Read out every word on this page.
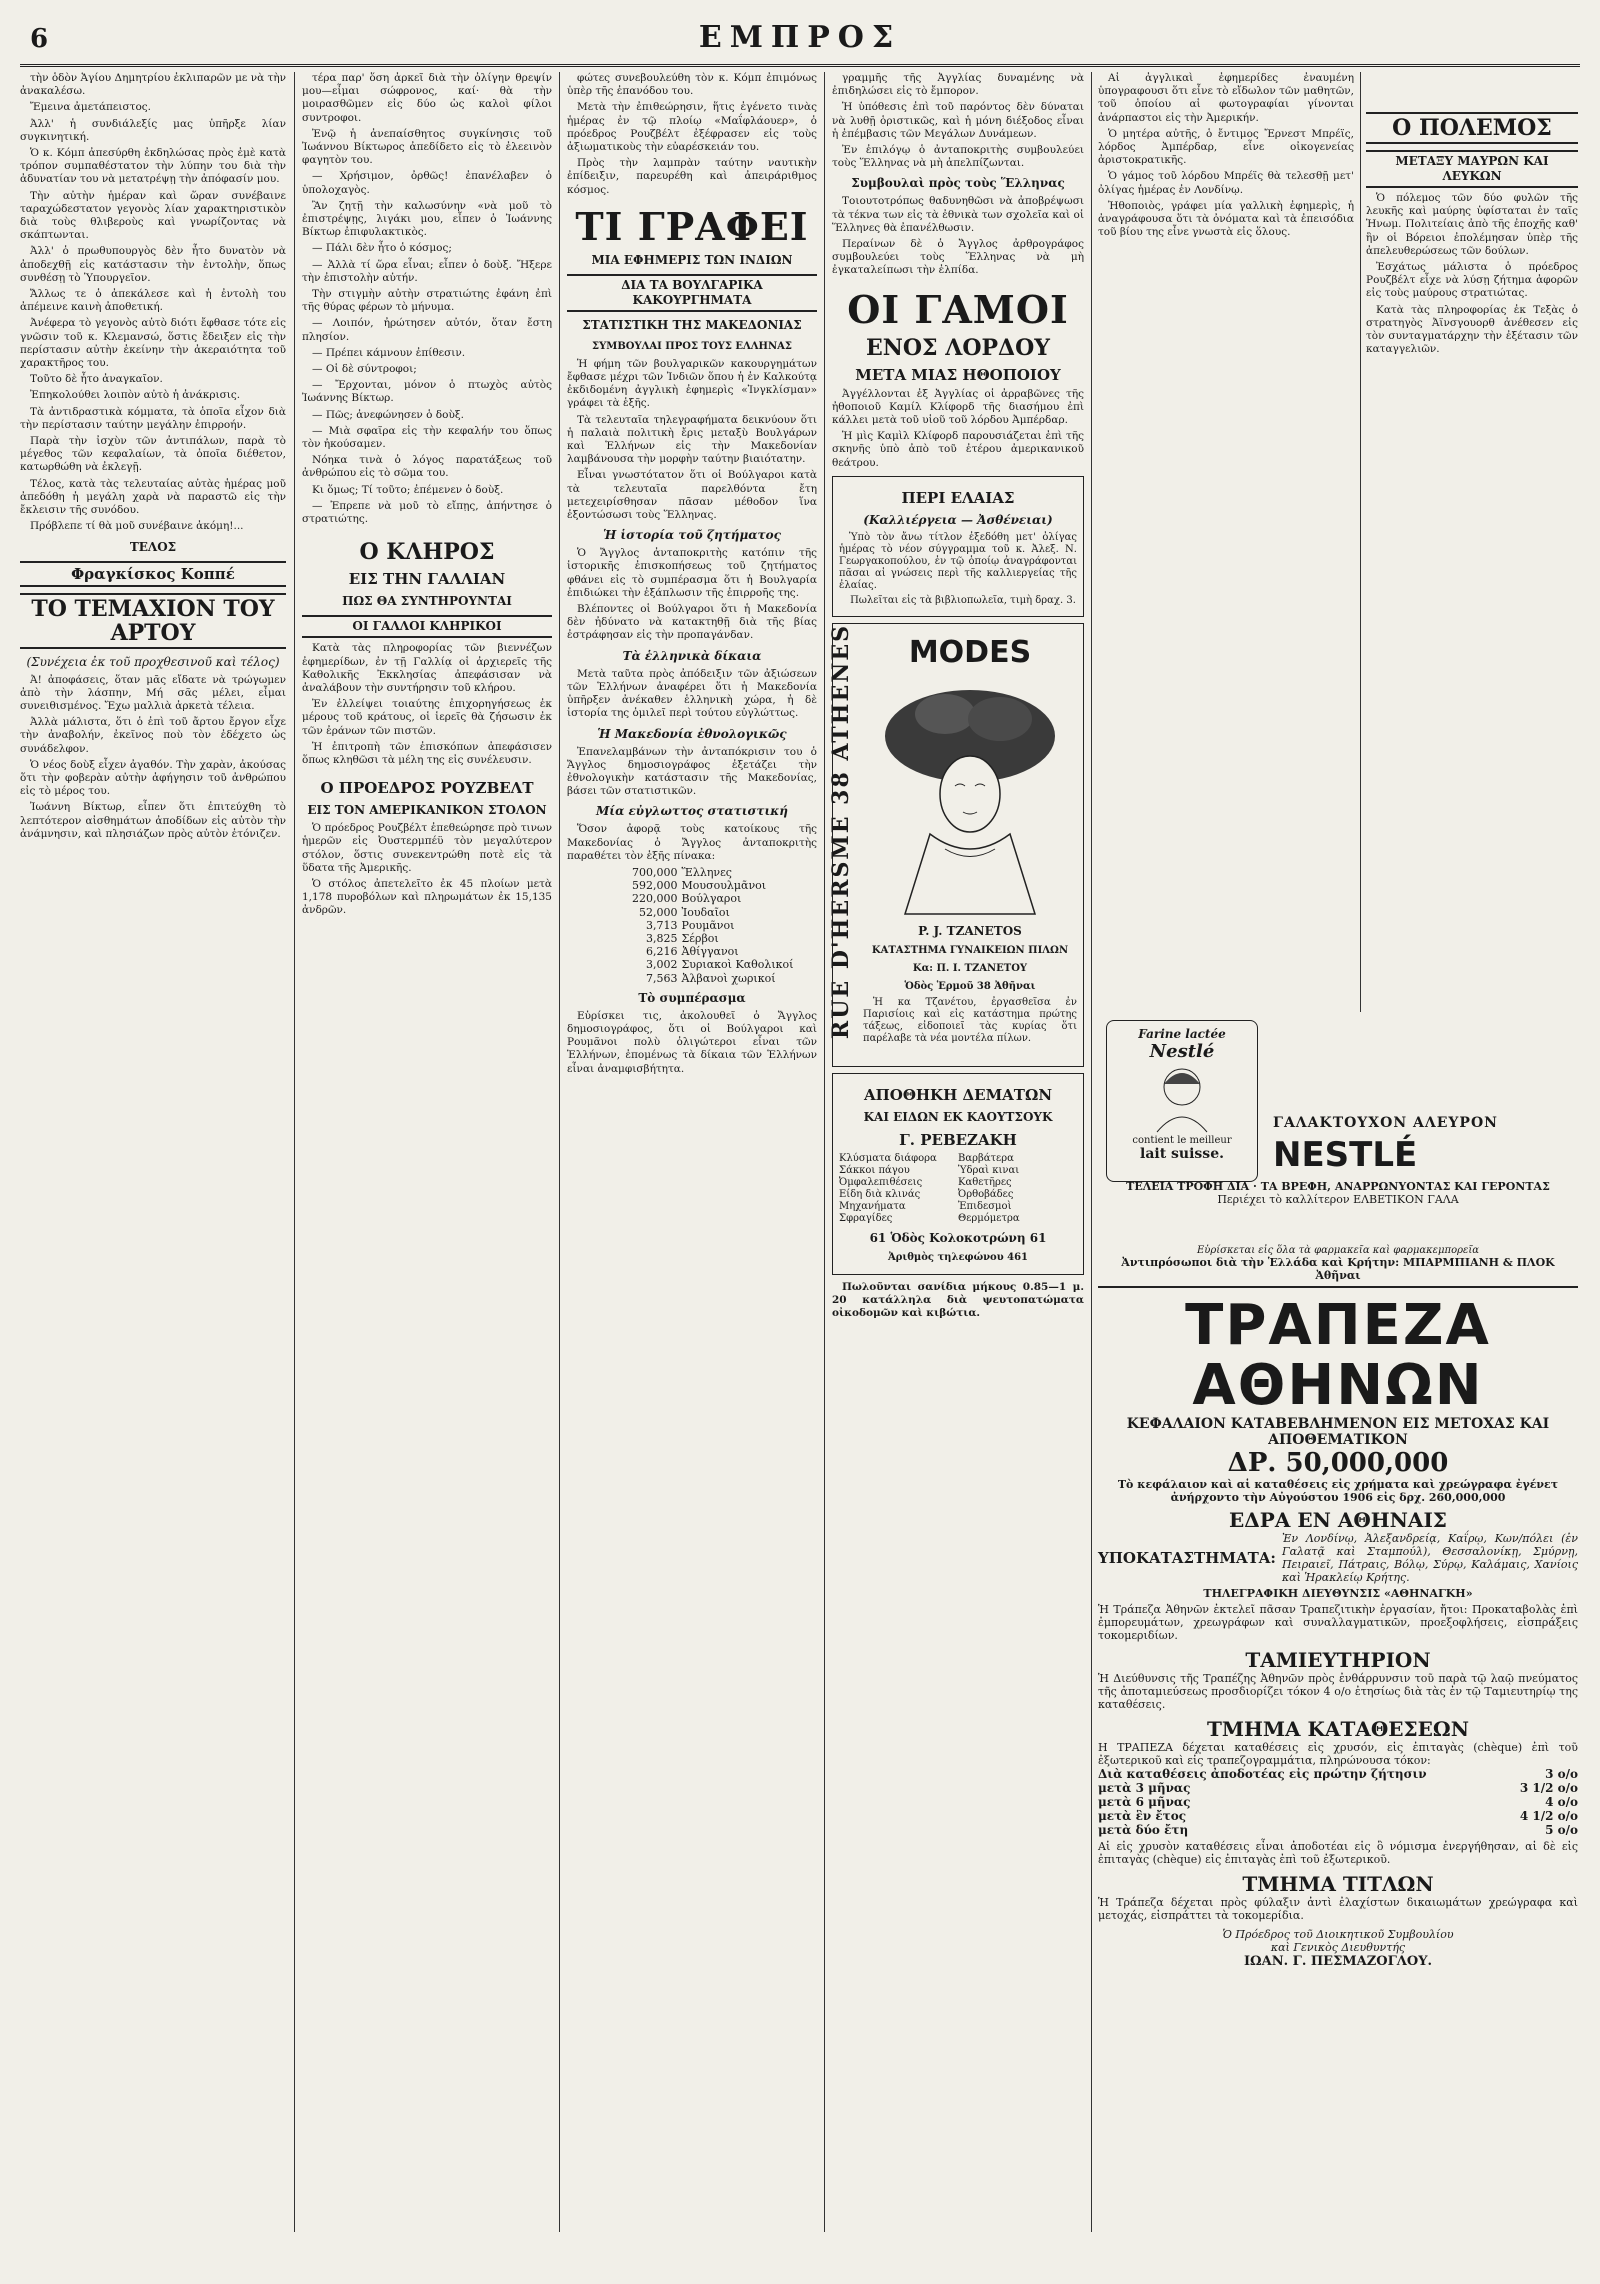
6	ΕΜΠΡΟΣ

τὴν ὁδὸν Ἁγίου Δημητρίου ἐκλιπαρῶν με νὰ τὴν ἀνακαλέσω.

Ἔμεινα ἀμετάπειστος.

Ἀλλ' ἡ συνδιάλεξίς μας ὑπῆρξε λίαν συγκινητική.

Ὁ κ. Κόμπ ἀπεσύρθη ἐκδηλώσας πρὸς ἐμὲ κατὰ τρόπον συμπαθέστατον τὴν λύπην του διὰ τὴν ἀδυνατίαν του νὰ μετατρέψῃ τὴν ἀπόφασίν μου.

Τὴν αὐτὴν ἡμέραν καὶ ὥραν συνέβαινε ταραχώδεστατον γεγονὸς λίαν χαρακτηριστικὸν διὰ τοὺς θλιβεροὺς καὶ γνωρίζοντας νὰ σκάπτωνται.

Ἀλλ' ὁ πρωθυπουργὸς δὲν ἦτο δυνατὸν νὰ ἀποδεχθῇ εἰς κατάστασιν τὴν ἐντολὴν, ὅπως συνθέσῃ τὸ Ὑπουργεῖον.

Ἄλλως τε ὁ ἀπεκάλεσε καὶ ἡ ἐντολὴ του ἀπέμεινε καινὴ ἀποθετική.

Ἀνέφερα τὸ γεγονὸς αὐτὸ διότι ἔφθασε τότε εἰς γνῶσιν τοῦ κ. Κλεμανσώ, ὅστις ἔδειξεν εἰς τὴν περίστασιν αὐτὴν ἐκείνην τὴν ἀκεραιότητα τοῦ χαρακτῆρος του.

Τοῦτο δὲ ἦτο ἀναγκαῖον.

Ἐπηκολούθει λοιπὸν αὐτὸ ἡ ἀνάκρισις.

Τὰ ἀντιδραστικὰ κόμματα, τὰ ὁποῖα εἶχον διὰ τὴν περίστασιν ταύτην μεγάλην ἐπιρροήν.

Παρὰ τὴν ἰσχὺν τῶν ἀντιπάλων, παρὰ τὸ μέγεθος τῶν κεφαλαίων, τὰ ὁποῖα διέθετον, κατωρθώθη νὰ ἐκλεγῇ.

Τέλος, κατὰ τὰς τελευταίας αὐτὰς ἡμέρας μοῦ ἀπεδόθη ἡ μεγάλη χαρὰ νὰ παραστῶ εἰς τὴν ἔκλεισιν τῆς συνόδου.

Πρόβλεπε τί θὰ μοῦ συνέβαινε ἀκόμη!...

ΤΕΛΟΣ
Φραγκίσκος Κοππέ
ΤΟ ΤΕΜΑΧΙΟΝ ΤΟΥ ΑΡΤΟΥ
(Συνέχεια ἐκ τοῦ προχθεσινοῦ καὶ τέλος)

Ἀ! ἀποφάσεις, ὅταν μᾶς εἴδατε νὰ τρώγωμεν ἀπὸ τὴν λάσπην, Μή σᾶς μέλει, εἶμαι συνειθισμένος. Ἔχω μαλλιὰ ἀρκετὰ τέλεια.

Ἀλλὰ μάλιστα, ὅτι ὁ ἐπὶ τοῦ ἄρτου ἔργον εἶχε τὴν ἀναβολήν, ἐκεῖνος ποὺ τὸν ἐδέχετο ὡς συνάδελφον.

Ὁ νέος δοὺξ εἶχεν ἀγαθόν. Τὴν χαρὰν, ἀκούσας ὅτι τὴν φοβερὰν αὐτὴν ἀφήγησιν τοῦ ἀνθρώπου εἰς τὸ μέρος του.

Ἰωάννη Βίκτωρ, εἶπεν ὅτι ἐπιτεύχθη τὸ λεπτότερον αἰσθημάτων ἀποδίδων εἰς αὐτὸν τὴν ἀνάμνησιν, καὶ πλησιάζων πρὸς αὐτὸν ἐτόνιζεν.

τέρα παρ' ὅση ἀρκεῖ διὰ τὴν ὀλίγην θρεψίν μου—εἶμαι σώφρονος, καί· θὰ τὴν μοιρασθῶμεν εἰς δύο ὡς καλοὶ φίλοι συντροφοι.

Ἐνῷ ἡ ἀνεπαίσθητος συγκίνησις τοῦ Ἰωάννου Βίκτωρος ἀπεδίδετο εἰς τὸ ἐλεεινὸν φαγητὸν του.

— Χρήσιμον, ὀρθῶς! ἐπανέλαβεν ὁ ὑπολοχαγὸς.

Ἂν ζητῇ τὴν καλωσύνην «νὰ μοῦ τὸ ἐπιστρέψῃς, λιγάκι μου, εἶπεν ὁ Ἰωάννης Βίκτωρ ἐπιφυλακτικὸς.

— Πάλι δὲν ἦτο ὁ κόσμος;

— Ἀλλὰ τί ὥρα εἶναι; εἶπεν ὁ δοὺξ. Ἤξερε τὴν ἐπιστολὴν αὐτήν.

Τὴν στιγμὴν αὐτὴν στρατιώτης ἐφάνη ἐπὶ τῆς θύρας φέρων τὸ μήνυμα.

— Λοιπόν, ἠρώτησεν αὐτόν, ὅταν ἔστη πλησίον.

— Πρέπει κάμνουν ἐπίθεσιν.

— Οἱ δὲ σύντροφοι;

— Ἔρχονται, μόνον ὁ πτωχὸς αὐτὸς Ἰωάννης Βίκτωρ.

— Πῶς; ἀνεφώνησεν ὁ δοὺξ.

— Μιὰ σφαῖρα εἰς τὴν κεφαλήν του ὅπως τὸν ἠκούσαμεν.

Νόηκα τινὰ ὁ λόγος παρατάξεως τοῦ ἀνθρώπου εἰς τὸ σῶμα του.

Κι ὅμως; Τί τοῦτο; ἐπέμενεν ὁ δοὺξ.

— Ἐπρεπε νὰ μοῦ τὸ εἴπῃς, ἀπήντησε ὁ στρατιώτης.

Ο ΚΛΗΡΟΣ
ΕΙΣ ΤΗΝ ΓΑΛΛΙΑΝ
ΠΩΣ ΘΑ ΣΥΝΤΗΡΟΥΝΤΑΙ
ΟΙ ΓΑΛΛΟΙ ΚΛΗΡΙΚΟΙ

Κατὰ τὰς πληροφορίας τῶν βιεννέζων ἐφημερίδων, ἐν τῇ Γαλλίᾳ οἱ ἀρχιερεῖς τῆς Καθολικῆς Ἐκκλησίας ἀπεφάσισαν νὰ ἀναλάβουν τὴν συντήρησιν τοῦ κλήρου.

Ἐν ἐλλείψει τοιαύτης ἐπιχορηγήσεως ἐκ μέρους τοῦ κράτους, οἱ ἱερεῖς θὰ ζήσωσιν ἐκ τῶν ἐράνων τῶν πιστῶν.

Ἡ ἐπιτροπὴ τῶν ἐπισκόπων ἀπεφάσισεν ὅπως κληθῶσι τὰ μέλη της εἰς συνέλευσιν.

Ο ΠΡΟΕΔΡΟΣ ΡΟΥΖΒΕΛΤ
ΕΙΣ ΤΟΝ ΑΜΕΡΙΚΑΝΙΚΟΝ ΣΤΟΛΟΝ

Ὁ πρόεδρος Ρουζβέλτ ἐπεθεώρησε πρὸ τινων ἡμερῶν εἰς Ὀυστερμπέϋ τὸν μεγαλύτερον στόλον, ὅστις συνεκεντρώθη ποτὲ εἰς τὰ ὕδατα τῆς Ἀμερικῆς.

Ὁ στόλος ἀπετελεῖτο ἐκ 45 πλοίων μετὰ 1,178 πυροβόλων καὶ πληρωμάτων ἐκ 15,135 ἀνδρῶν.

φώτες συνεβουλεύθη τὸν κ. Κόμπ ἐπιμόνως ὑπὲρ τῆς ἐπανόδου του.

Μετὰ τὴν ἐπιθεώρησιν, ἥτις ἐγένετο τινὰς ἡμέρας ἐν τῷ πλοίῳ «Μαΐφλάουερ», ὁ πρόεδρος Ρουζβέλτ ἐξέφρασεν εἰς τοὺς ἀξιωματικοὺς τὴν εὐαρέσκειάν του.

Πρὸς τὴν λαμπρὰν ταύτην ναυτικὴν ἐπίδειξιν, παρευρέθη καὶ ἀπειράριθμος κόσμος.

ΤΙ ΓΡΑΦΕΙ
ΜΙΑ ΕΦΗΜΕΡΙΣ ΤΩΝ ΙΝΔΙΩΝ
ΔΙΑ ΤΑ ΒΟΥΛΓΑΡΙΚΑ ΚΑΚΟΥΡΓΗΜΑΤΑ
ΣΤΑΤΙΣΤΙΚΗ ΤΗΣ ΜΑΚΕΔΟΝΙΑΣ
ΣΥΜΒΟΥΛΑΙ ΠΡΟΣ ΤΟΥΣ ΕΛΛΗΝΑΣ

Ἡ φήμη τῶν βουλγαρικῶν κακουργημάτων ἔφθασε μέχρι τῶν Ἰνδιῶν ὅπου ἡ ἐν Καλκούτᾳ ἐκδιδομένη ἀγγλικὴ ἐφημερὶς «Ἰνγκλίσμαν» γράφει τὰ ἑξῆς.

Τὰ τελευταῖα τηλεγραφήματα δεικνύουν ὅτι ἡ παλαιὰ πολιτικὴ ἔρις μεταξὺ Βουλγάρων καὶ Ἑλλήνων εἰς τὴν Μακεδονίαν λαμβάνουσα τὴν μορφὴν ταύτην βιαιότατην.

Εἶναι γνωστότατον ὅτι οἱ Βούλγαροι κατὰ τὰ τελευταῖα παρελθόντα ἔτη μετεχειρίσθησαν πᾶσαν μέθοδον ἵνα ἐξοντώσωσι τοὺς Ἕλληνας.

Ἡ ἱστορία τοῦ ζητήματος

Ὁ Ἄγγλος ἀνταποκριτὴς κατόπιν τῆς ἱστορικῆς ἐπισκοπήσεως τοῦ ζητήματος φθάνει εἰς τὸ συμπέρασμα ὅτι ἡ Βουλγαρία ἐπιδιώκει τὴν ἐξάπλωσιν τῆς ἐπιρροῆς της.

Βλέποντες οἱ Βούλγαροι ὅτι ἡ Μακεδονία δὲν ἠδύνατο νὰ κατακτηθῇ διὰ τῆς βίας ἐστράφησαν εἰς τὴν προπαγάνδαν.

Τὰ ἑλληνικὰ δίκαια

Μετὰ ταῦτα πρὸς ἀπόδειξιν τῶν ἀξιώσεων τῶν Ἑλλήνων ἀναφέρει ὅτι ἡ Μακεδονία ὑπῆρξεν ἀνέκαθεν ἑλληνικὴ χώρα, ἡ δὲ ἱστορία της ὁμιλεῖ περὶ τούτου εὐγλώττως.

Ἡ Μακεδονία ἐθνολογικῶς

Ἐπανελαμβάνων τὴν ἀνταπόκρισιν του ὁ Ἄγγλος δημοσιογράφος ἐξετάζει τὴν ἐθνολογικὴν κατάστασιν τῆς Μακεδονίας, βάσει τῶν στατιστικῶν.

Μία εὐγλωττος στατιστική

Ὅσον ἀφορᾷ τοὺς κατοίκους τῆς Μακεδονίας ὁ Ἄγγλος ἀνταποκριτὴς παραθέτει τὸν ἑξῆς πίνακα:

700,000	Ἕλληνες
592,000	Μουσουλμᾶνοι
220,000	Βούλγαροι
52,000	Ἰουδαῖοι
3,713	Ρουμᾶνοι
3,825	Σέρβοι
6,216	Ἀθίγγανοι
3,002	Συριακοὶ Καθολικοί
7,563	Ἀλβανοὶ χωρικοί
Τὸ συμπέρασμα

Εὑρίσκει τις, ἀκολουθεῖ ὁ Ἄγγλος δημοσιογράφος, ὅτι οἱ Βούλγαροι καὶ Ρουμᾶνοι πολὺ ὀλιγώτεροι εἶναι τῶν Ἑλλήνων, ἐπομένως τὰ δίκαια τῶν Ἑλλήνων εἶναι ἀναμφισβήτητα.

γραμμῆς τῆς Ἀγγλίας δυναμένης νὰ ἐπιδηλώσει εἰς τὸ ἔμπορον.

Ἡ ὑπόθεσις ἐπὶ τοῦ παρόντος δὲν δύναται νὰ λυθῇ ὁριστικῶς, καὶ ἡ μόνη διέξοδος εἶναι ἡ ἐπέμβασις τῶν Μεγάλων Δυνάμεων.

Ἐν ἐπιλόγῳ ὁ ἀνταποκριτὴς συμβουλεύει τοὺς Ἕλληνας νὰ μὴ ἀπελπίζωνται.

Συμβουλαὶ πρὸς τοὺς Ἕλληνας

Τοιουτοτρόπως θαδυνηθῶσι νὰ ἀποβρέψωσι τὰ τέκνα των εἰς τὰ ἐθνικὰ των σχολεῖα καὶ οἱ Ἕλληνες θὰ ἐπανέλθωσιν.

Περαίνων δὲ ὁ Ἄγγλος ἀρθρογράφος συμβουλεύει τοὺς Ἕλληνας νὰ μὴ ἐγκαταλείπωσι τὴν ἐλπίδα.

ΟΙ ΓΑΜΟΙ
ΕΝΟΣ ΛΟΡΔΟΥ
ΜΕΤΑ ΜΙΑΣ ΗΘΟΠΟΙΟΥ

Ἀγγέλλονται ἐξ Ἀγγλίας οἱ ἀρραβῶνες τῆς ἠθοποιοῦ Καμίλ Κλίφορδ τῆς διασήμου ἐπὶ κάλλει μετὰ τοῦ υἱοῦ τοῦ λόρδου Ἀμπέρδαρ.

Ἡ μὶς Καμὶλ Κλίφορδ παρουσιάζεται ἐπὶ τῆς σκηνῆς ὑπὸ ἀπὸ τοῦ ἐτέρου ἀμερικανικοῦ θεάτρου.

ΠΕΡΙ ΕΛΑΙΑΣ
(Καλλιέργεια — Ἀσθένειαι)

Ὑπὸ τὸν ἄνω τίτλον ἐξεδόθη μετ' ὀλίγας ἡμέρας τὸ νέον σύγγραμμα τοῦ κ. Ἀλεξ. Ν. Γεωργακοπούλου, ἐν τῷ ὁποίῳ ἀναγράφονται πᾶσαι αἱ γνώσεις περὶ τῆς καλλιεργείας τῆς ἐλαίας.

Πωλεῖται εἰς τὰ βιβλιοπωλεῖα, τιμὴ δραχ. 3.

RUE D'HERSME 38 ATHENES	MODES
P. J. TZANETOS
ΚΑΤΑΣΤΗΜΑ ΓΥΝΑΙΚΕΙΩΝ ΠΙΛΩΝ
Κα: Π. Ι. ΤΖΑΝΕΤΟΥ
Ὁδὸς Ἑρμοῦ 38 Ἀθῆναι

Ἡ κα Τζανέτου, ἐργασθεῖσα ἐν Παρισίοις καὶ εἰς κατάστημα πρώτης τάξεως, εἰδοποιεῖ τὰς κυρίας ὅτι παρέλαβε τὰ νέα μοντέλα πίλων.

ΑΠΟΘΗΚΗ ΔΕΜΑΤΩΝ
ΚΑΙ ΕΙΔΩΝ ΕΚ ΚΑΟΥΤΣΟΥΚ
Γ. ΡΕΒΕΖΑΚΗ
Κλύσματα διάφορα	Βαρβάτερα
Σάκκοι πάγου	Ὑδραὶ κιναι
Ὀμφαλεπιθέσεις	Καθετῆρες
Είδη διὰ κλινάς	Ὀρθοβάδες
Μηχανήματα	Ἐπιδεσμοὶ
Σφραγίδες	Θερμόμετρα
61 Ὁδὸς Κολοκοτρώνη 61
Ἀριθμὸς τηλεφώνου 461

Πωλοῦνται σανίδια μήκους 0.85—1 μ. 20 κατάλληλα διὰ ψευτοπατώματα οἰκοδομῶν καὶ κιβώτια.

Αἱ ἀγγλικαὶ ἐφημερίδες ἐναυμένη ὑπογραφουσι ὅτι εἶνε τὸ εἴδωλον τῶν μαθητῶν, τοῦ ὁποίου αἱ φωτογραφίαι γίνονται ἀνάρπαστοι εἰς τὴν Ἀμερικήν.

Ὁ μητέρα αὐτῆς, ὁ ἔντιμος Ἔρνεστ Μπρέϊς, λόρδος Ἀμπέρδαρ, εἶνε οἰκογενείας ἀριστοκρατικῆς.

Ὁ γάμος τοῦ λόρδου Μπρέϊς θὰ τελεσθῇ μετ' ὀλίγας ἡμέρας ἐν Λονδίνῳ.

Ἠθοποιὸς, γράφει μία γαλλικὴ ἐφημερὶς, ἡ ἀναγράφουσα ὅτι τὰ ὀνόματα καὶ τὰ ἐπεισόδια τοῦ βίου της εἶνε γνωστὰ εἰς ὅλους.

Ο ΠΟΛΕΜΟΣ
ΜΕΤΑΞΥ ΜΑΥΡΩΝ ΚΑΙ ΛΕΥΚΩΝ

Ὁ πόλεμος τῶν δύο φυλῶν τῆς λευκῆς καὶ μαύρης ὑφίσταται ἐν ταῖς Ἡνωμ. Πολιτείαις ἀπὸ τῆς ἐποχῆς καθ' ἣν οἱ Βόρειοι ἐπολέμησαν ὑπὲρ τῆς ἀπελευθερώσεως τῶν δούλων.

Ἐσχάτως μάλιστα ὁ πρόεδρος Ρουζβέλτ εἶχε νὰ λύσῃ ζήτημα ἀφορῶν εἰς τοὺς μαύρους στρατιώτας.

Κατὰ τὰς πληροφορίας ἐκ Τεξὰς ὁ στρατηγὸς Ἀϊνσγουορθ ἀνέθεσεν εἰς τὸν συνταγματάρχην τὴν ἐξέτασιν τῶν καταγγελιῶν.

Farine lactée
Nestlé
contient le meilleur
lait suisse.
ΓΑΛΑΚΤΟΥΧΟΝ ΑΛΕΥΡΟΝ
NESTLÉ
ΤΕΛΕΙΑ ΤΡΟΦΗ ΔΙΑ · ΤΑ ΒΡΕΦΗ, ΑΝΑΡΡΩΝΥΟΝΤΑΣ ΚΑΙ ΓΕΡΟΝΤΑΣ
Περιέχει τὸ καλλίτερον ΕΛΒΕΤΙΚΟΝ ΓΑΛΑ
Εὑρίσκεται εἰς ὅλα τὰ φαρμακεῖα καὶ φαρμακεμπορεῖα
Ἀντιπρόσωποι διὰ τὴν Ἑλλάδα καὶ Κρήτην: ΜΠΑΡΜΠΙΑΝΗ & ΠΛΟΚ Ἀθῆναι
ΤΡΑΠΕΖΑ ΑΘΗΝΩΝ
ΚΕΦΑΛΑΙΟΝ ΚΑΤΑΒΕΒΛΗΜΕΝΟΝ ΕΙΣ ΜΕΤΟΧΑΣ ΚΑΙ ΑΠΟΘΕΜΑΤΙΚΟΝ
ΔΡ. 50,000,000
Τὸ κεφάλαιον καὶ αἱ καταθέσεις εἰς χρήματα καὶ χρεώγραφα ἐγένετ ἀνήρχοντο τὴν Αὐγούστου 1906 εἰς δρχ. 260,000,000
ΕΔΡΑ ΕΝ ΑΘΗΝΑΙΣ
ΥΠΟΚΑΤΑΣΤΗΜΑΤΑ:
Ἐν Λονδίνῳ, Ἀλεξανδρείᾳ, Καΐρῳ, Κων/πόλει (ἐν Γαλατᾷ καὶ Σταμπούλ), Θεσσαλονίκῃ, Σμύρνῃ, Πειραιεῖ, Πάτραις, Βόλῳ, Σύρῳ, Καλάμαις, Χανίοις καὶ Ἡρακλείῳ Κρήτης.
ΤΗΛΕΓΡΑΦΙΚΗ ΔΙΕΥΘΥΝΣΙΣ «ΑΘΗΝΑΓΚΗ»
Ἡ Τράπεζα Ἀθηνῶν ἐκτελεῖ πᾶσαν Τραπεζιτικὴν ἐργασίαν, ἤτοι: Προκαταβολὰς ἐπὶ ἐμπορευμάτων, χρεωγράφων καὶ συναλλαγματικῶν, προεξοφλήσεις, εἰσπράξεις τοκομεριδίων.
ΤΑΜΙΕΥΤΗΡΙΟΝ
Ἡ Διεύθυνσις τῆς Τραπέζης Ἀθηνῶν πρὸς ἐνθάρρυνσιν τοῦ παρὰ τῷ λαῷ πνεύματος τῆς ἀποταμιεύσεως προσδιορίζει τόκον 4 ο/ο ἐτησίως διὰ τὰς ἐν τῷ Ταμιευτηρίῳ της καταθέσεις.
ΤΜΗΜΑ ΚΑΤΑΘΕΣΕΩΝ
Η ΤΡΑΠΕΖΑ δέχεται καταθέσεις εἰς χρυσόν, εἰς ἐπιταγὰς (chèque) ἐπὶ τοῦ ἐξωτερικοῦ καὶ εἰς τραπεζογραμμάτια, πληρώνουσα τόκον:
Διὰ καταθέσεις ἀποδοτέας εἰς πρώτην ζήτησιν	3 ο/ο
μετὰ 3 μῆνας	3 1/2 ο/ο
μετὰ 6 μῆνας	4 ο/ο
μετὰ ἓν ἔτος	4 1/2 ο/ο
μετὰ δύο ἔτη	5 ο/ο
Αἱ εἰς χρυσὸν καταθέσεις εἶναι ἀποδοτέαι εἰς ὃ νόμισμα ἐνεργήθησαν, αἱ δὲ εἰς ἐπιταγὰς (chèque) εἰς ἐπιταγὰς ἐπὶ τοῦ ἐξωτερικοῦ.
ΤΜΗΜΑ ΤΙΤΛΩΝ
Ἡ Τράπεζα δέχεται πρὸς φύλαξιν ἀντὶ ἐλαχίστων δικαιωμάτων χρεώγραφα καὶ μετοχάς, εἰσπράττει τὰ τοκομερίδια.
Ὁ Πρόεδρος τοῦ Διοικητικοῦ Συμβουλίου
καὶ Γενικὸς Διευθυντής
ΙΩΑΝ. Γ. ΠΕΣΜΑΖΟΓΛΟΥ.
